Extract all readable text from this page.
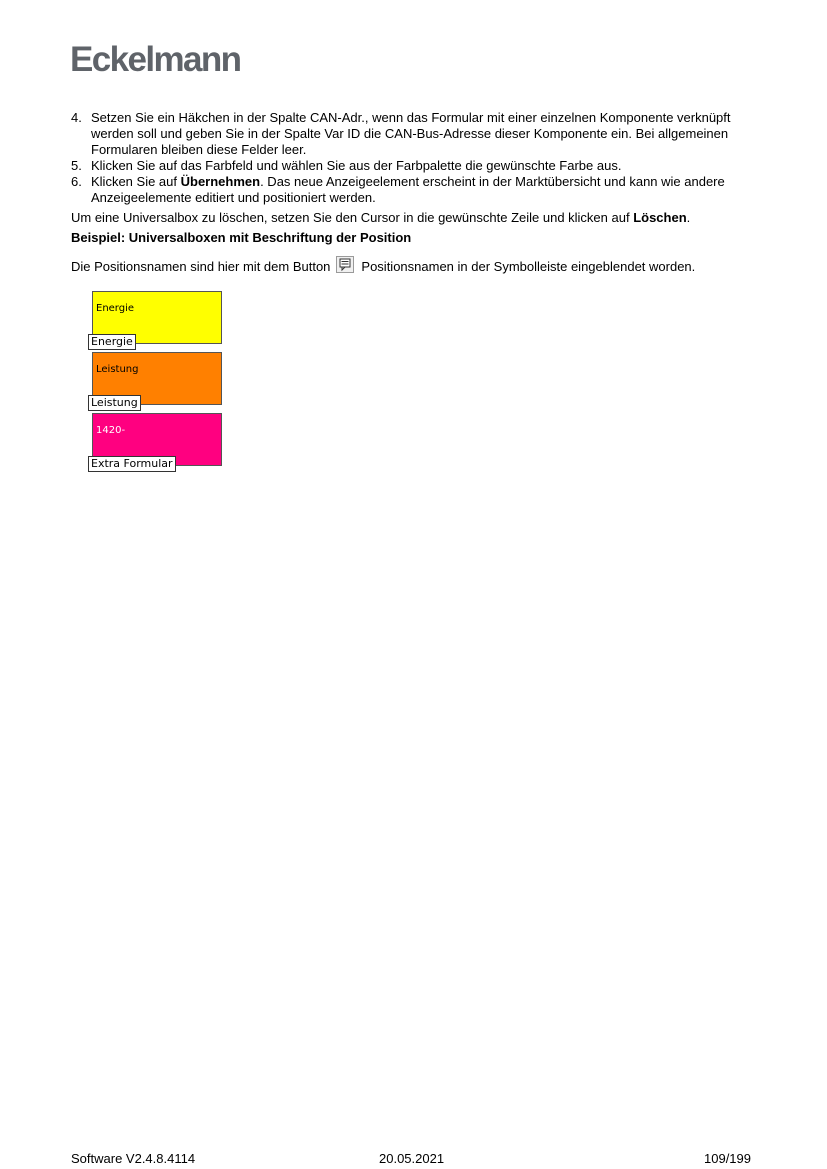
Eckelmann
4. Setzen Sie ein Häkchen in der Spalte CAN-Adr., wenn das Formular mit einer einzelnen Komponente verknüpft werden soll und geben Sie in der Spalte Var ID die CAN-Bus-Adresse dieser Komponente ein. Bei allgemeinen Formularen bleiben diese Felder leer.
5. Klicken Sie auf das Farbfeld und wählen Sie aus der Farbpalette die gewünschte Farbe aus.
6. Klicken Sie auf Übernehmen. Das neue Anzeigeelement erscheint in der Marktübersicht und kann wie andere Anzeigeelemente editiert und positioniert werden.

Um eine Universalbox zu löschen, setzen Sie den Cursor in die gewünschte Zeile und klicken auf Löschen.

Beispiel: Universalboxen mit Beschriftung der Position

Die Positionsnamen sind hier mit dem Button Positionsnamen in der Symbolleiste eingeblendet worden.

Energie
Energie
Leistung
Leistung
1420-
Extra Formular
Software V2.4.8.4114	20.05.2021	109/199
